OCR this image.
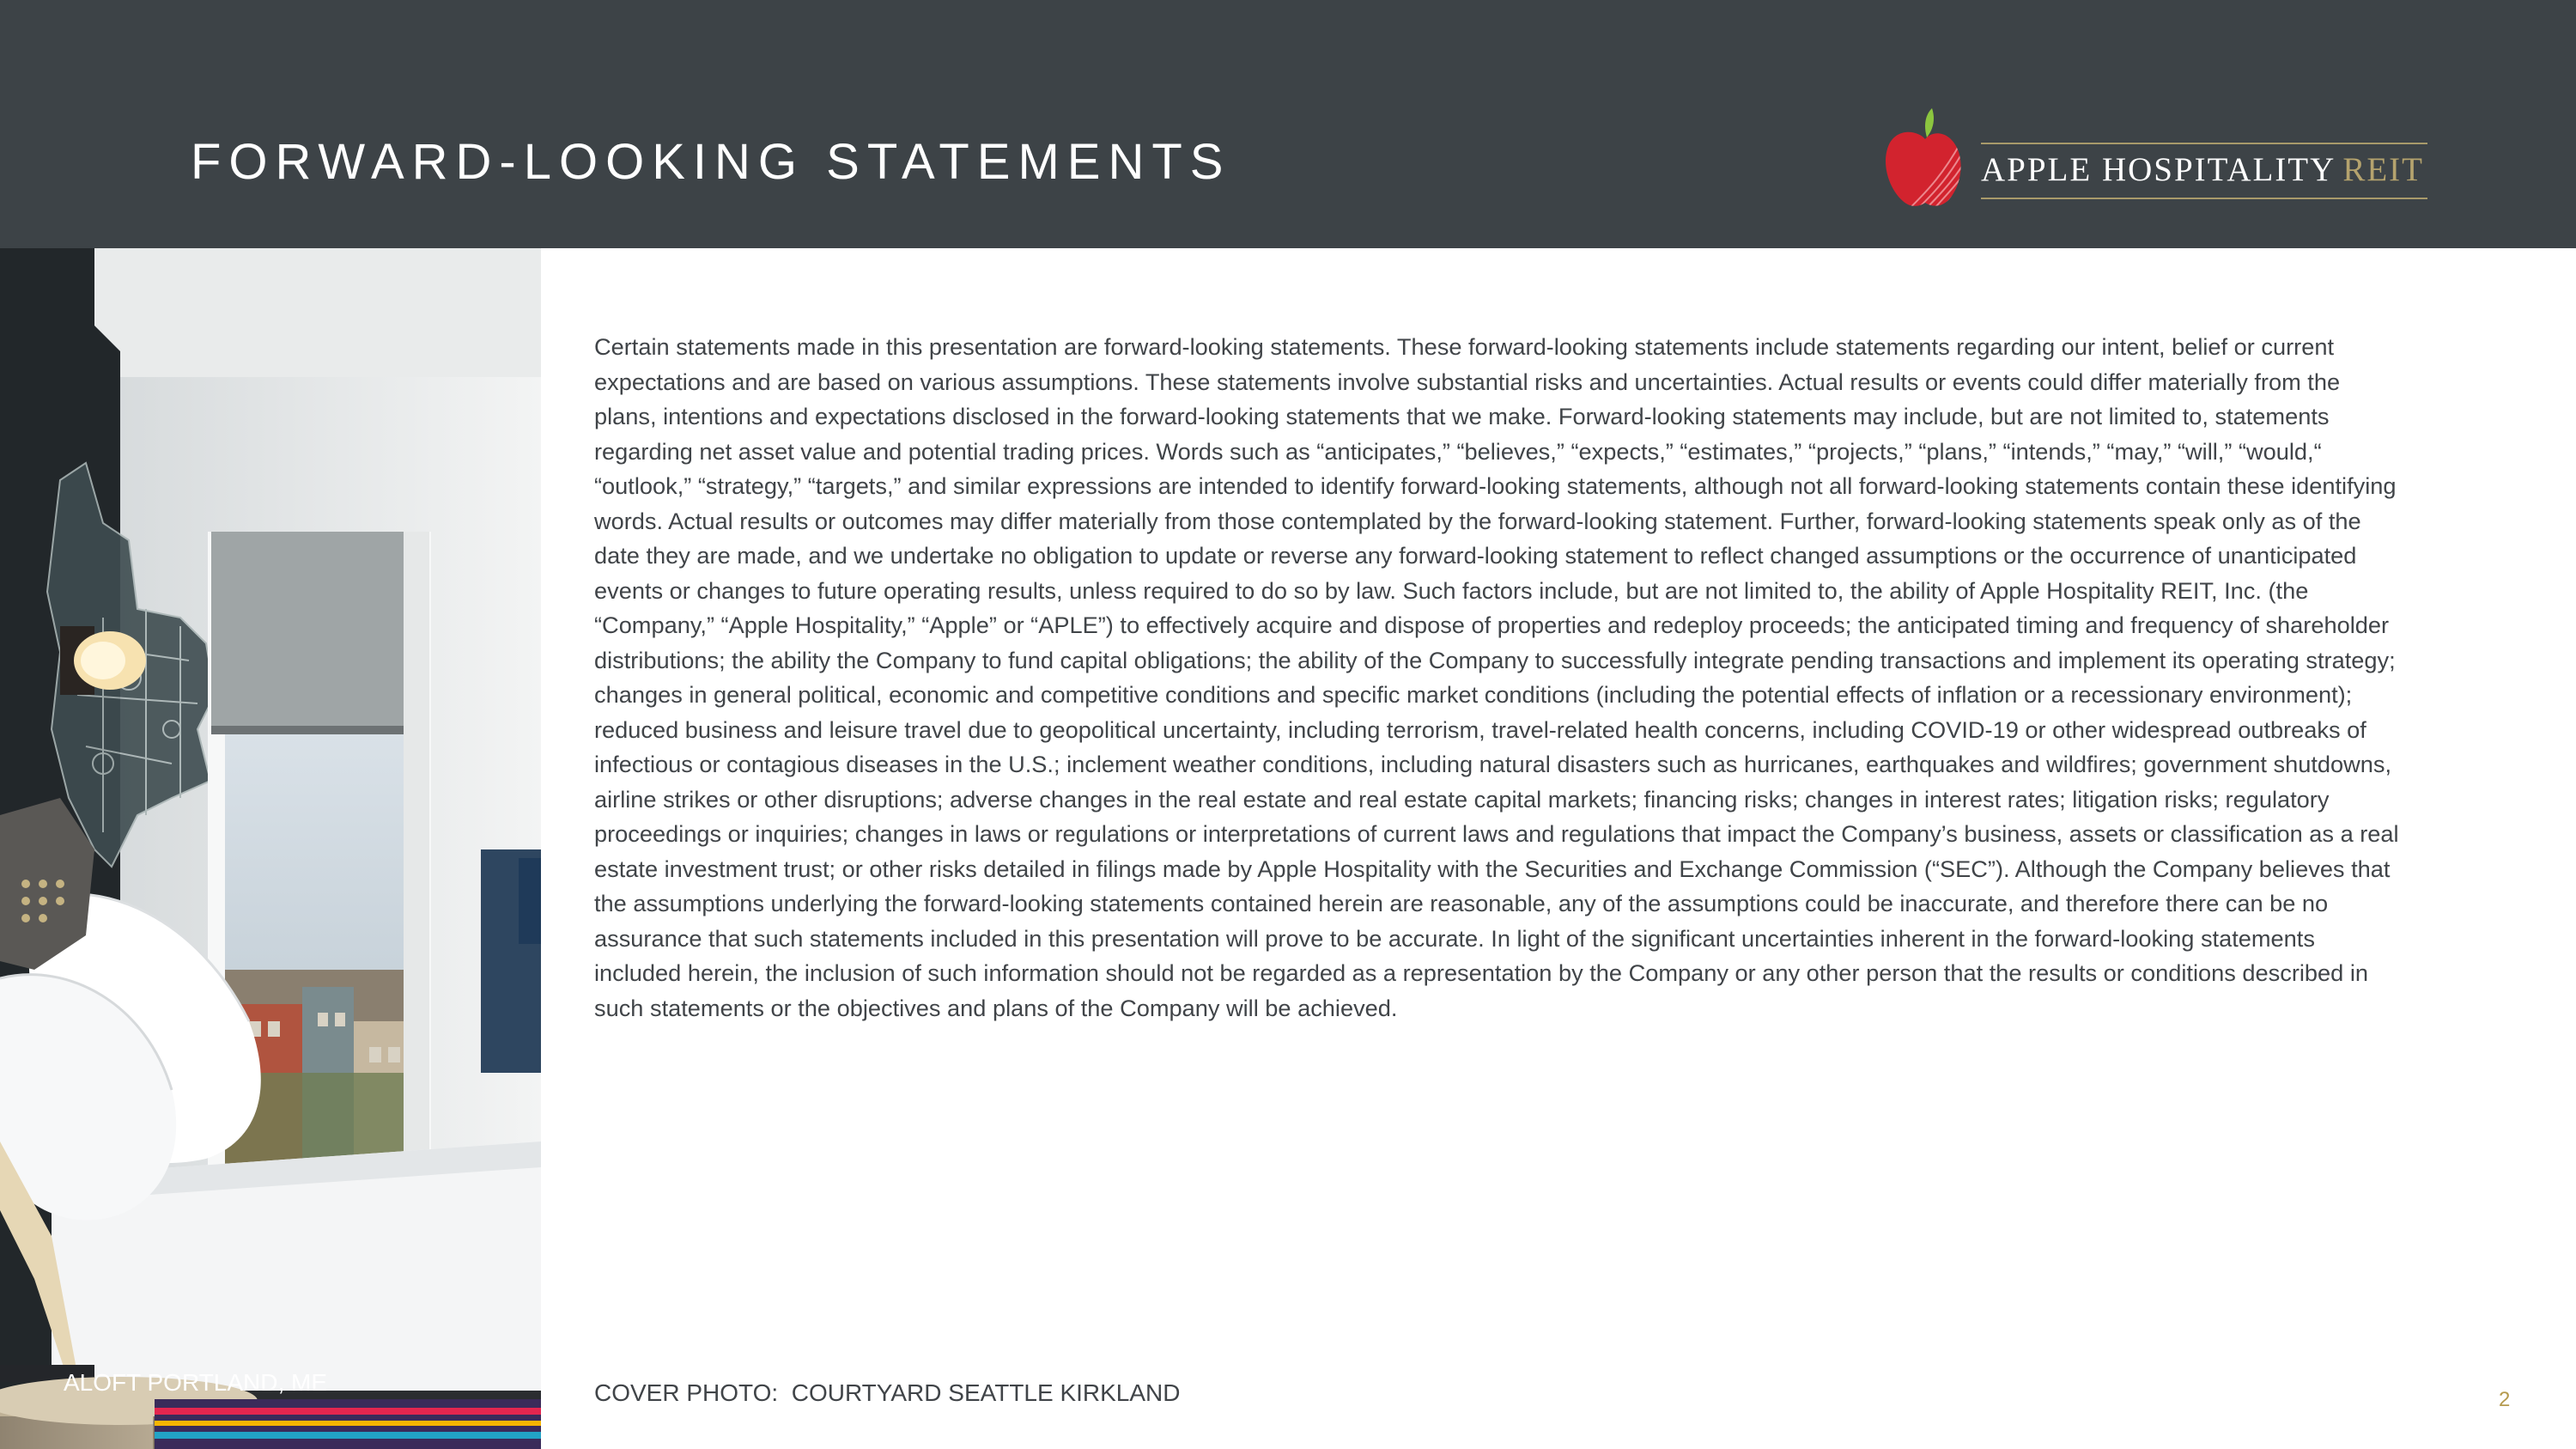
FORWARD-LOOKING STATEMENTS	APPLE HOSPITALITY REIT
ALOFT PORTLAND, ME

Certain statements made in this presentation are forward-looking statements. These forward-looking statements include statements regarding our intent, belief or current expectations and are based on various assumptions. These statements involve substantial risks and uncertainties. Actual results or events could differ materially from the plans, intentions and expectations disclosed in the forward-looking statements that we make. Forward-looking statements may include, but are not limited to, statements regarding net asset value and potential trading prices. Words such as “anticipates,” “believes,” “expects,” “estimates,” “projects,” “plans,” “intends,” “may,” “will,” “would,“ “outlook,” “strategy,” “targets,” and similar expressions are intended to identify forward-looking statements, although not all forward-looking statements contain these identifying words. Actual results or outcomes may differ materially from those contemplated by the forward-looking statement. Further, forward-looking statements speak only as of the date they are made, and we undertake no obligation to update or reverse any forward-looking statement to reflect changed assumptions or the occurrence of unanticipated events or changes to future operating results, unless required to do so by law. Such factors include, but are not limited to, the ability of Apple Hospitality REIT, Inc. (the “Company,” “Apple Hospitality,” “Apple” or “APLE”) to effectively acquire and dispose of properties and redeploy proceeds; the anticipated timing and frequency of shareholder distributions; the ability the Company to fund capital obligations; the ability of the Company to successfully integrate pending transactions and implement its operating strategy; changes in general political, economic and competitive conditions and specific market conditions (including the potential effects of inflation or a recessionary environment); reduced business and leisure travel due to geopolitical uncertainty, including terrorism, travel-related health concerns, including COVID-19 or other widespread outbreaks of infectious or contagious diseases in the U.S.; inclement weather conditions, including natural disasters such as hurricanes, earthquakes and wildfires; government shutdowns, airline strikes or other disruptions; adverse changes in the real estate and real estate capital markets; financing risks; changes in interest rates; litigation risks; regulatory proceedings or inquiries; changes in laws or regulations or interpretations of current laws and regulations that impact the Company’s business, assets or classification as a real estate investment trust; or other risks detailed in filings made by Apple Hospitality with the Securities and Exchange Commission (“SEC”). Although the Company believes that the assumptions underlying the forward-looking statements contained herein are reasonable, any of the assumptions could be inaccurate, and therefore there can be no assurance that such statements included in this presentation will prove to be accurate. In light of the significant uncertainties inherent in the forward-looking statements included herein, the inclusion of such information should not be regarded as a representation by the Company or any other person that the results or conditions described in such statements or the objectives and plans of the Company will be achieved.

COVER PHOTO:  COURTYARD SEATTLE KIRKLAND	2
